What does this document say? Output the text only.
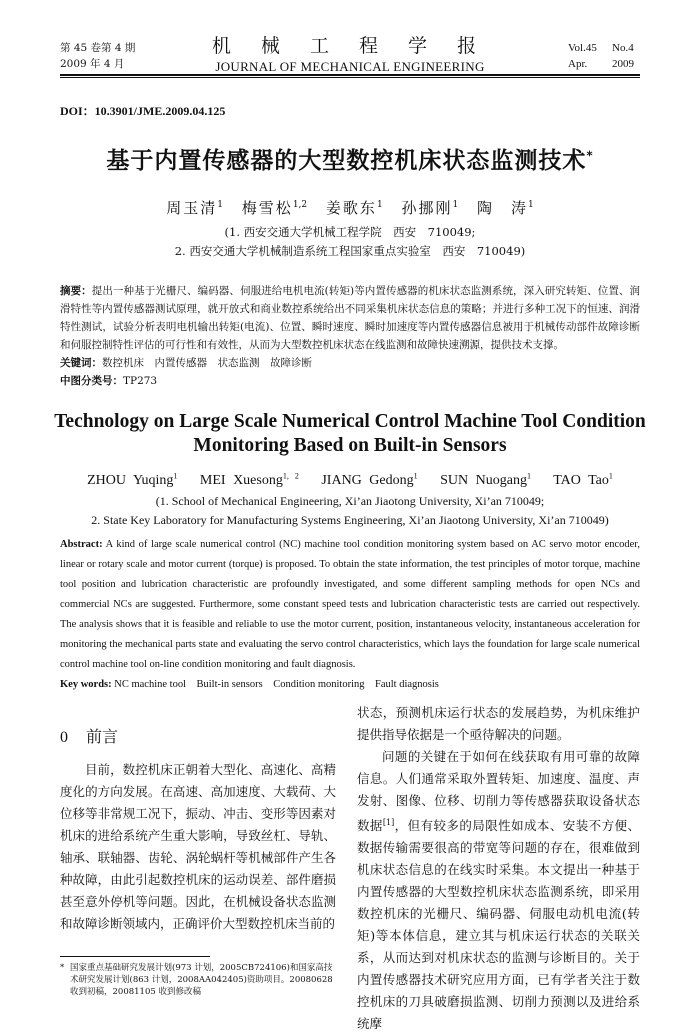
第 45 卷第 4 期
2009 年 4 月
机 械 工 程 学 报
JOURNAL OF MECHANICAL ENGINEERING
Vol.45 No.4
Apr. 2009
DOI：10.3901/JME.2009.04.125
基于内置传感器的大型数控机床状态监测技术*
周玉清$^1$ 梅雪松$^{1,2}$ 姜歌东$^1$ 孙挪刚$^1$ 陶　涛$^1$
(1. 西安交通大学机械工程学院　西安　710049;
2. 西安交通大学机械制造系统工程国家重点实验室　西安　710049)
摘要：提出一种基于光栅尺、编码器、伺服进给电机电流(转矩)等内置传感器的机床状态监测系统，深入研究转矩、位置、润滑特性等内置传感器测试原理，就开放式和商业数控系统给出不同采集机床状态信息的策略；并进行多种工况下的恒速、润滑特性测试，试验分析表明电机输出转矩(电流)、位置、瞬时速度、瞬时加速度等内置传感器信息被用于机械传动部件故障诊断和伺服控制特性评估的可行性和有效性，从而为大型数控机床状态在线监测和故障快速溯源，提供技术支撑。
关键词：数控机床　内置传感器　状态监测　故障诊断
中图分类号：TP273
Technology on Large Scale Numerical Control Machine Tool Condition
Monitoring Based on Built-in Sensors
ZHOU Yuqing$^1$ MEI Xuesong$^{1, 2}$ JIANG Gedong$^1$ SUN Nuogang$^1$ TAO Tao$^1$
(1. School of Mechanical Engineering, Xi’an Jiaotong University, Xi’an 710049;
2. State Key Laboratory for Manufacturing Systems Engineering, Xi’an Jiaotong University, Xi’an 710049)
Abstract: A kind of large scale numerical control (NC) machine tool condition monitoring system based on AC servo motor encoder, linear or rotary scale and motor current (torque) is proposed. To obtain the state information, the test principles of motor torque, machine tool position and lubrication characteristic are profoundly investigated, and some different sampling methods for open NCs and commercial NCs are suggested. Furthermore, some constant speed tests and lubrication characteristic tests are carried out respectively. The analysis shows that it is feasible and reliable to use the motor current, position, instantaneous velocity, instantaneous acceleration for monitoring the mechanical parts state and evaluating the servo control characteristics, which lays the foundation for large scale numerical control machine tool on-line condition monitoring and fault diagnosis.
Key words: NC machine tool　Built-in sensors　Condition monitoring　Fault diagnosis
0 前言

目前，数控机床正朝着大型化、高速化、高精度化的方向发展。在高速、高加速度、大载荷、大位移等非常规工况下，振动、冲击、变形等因素对机床的进给系统产生重大影响，导致丝杠、导轨、轴承、联轴器、齿轮、涡轮蜗杆等机械部件产生各种故障，由此引起数控机床的运动误差、部件磨损甚至意外停机等问题。因此，在机械设备状态监测和故障诊断领域内，正确评价大型数控机床当前的

状态，预测机床运行状态的发展趋势，为机床维护提供指导依据是一个亟待解决的问题。

问题的关键在于如何在线获取有用可靠的故障信息。人们通常采取外置转矩、加速度、温度、声发射、图像、位移、切削力等传感器获取设备状态数据[1]，但有较多的局限性如成本、安装不方便、数据传输需要很高的带宽等问题的存在，很难做到机床状态信息的在线实时采集。本文提出一种基于内置传感器的大型数控机床状态监测系统，即采用数控机床的光栅尺、编码器、伺服电动机电流(转矩)等本体信息，建立其与机床运行状态的关联关系，从而达到对机床状态的监测与诊断目的。关于内置传感器技术研究应用方面，已有学者关注于数控机床的刀具破磨损监测、切削力预测以及进给系统摩

* 国家重点基础研究发展计划(973 计划，2005CB724106)和国家高技术研究发展计划(863 计划，2008AA042405)资助项目。20080628 收到初稿，20081105 收到修改稿
